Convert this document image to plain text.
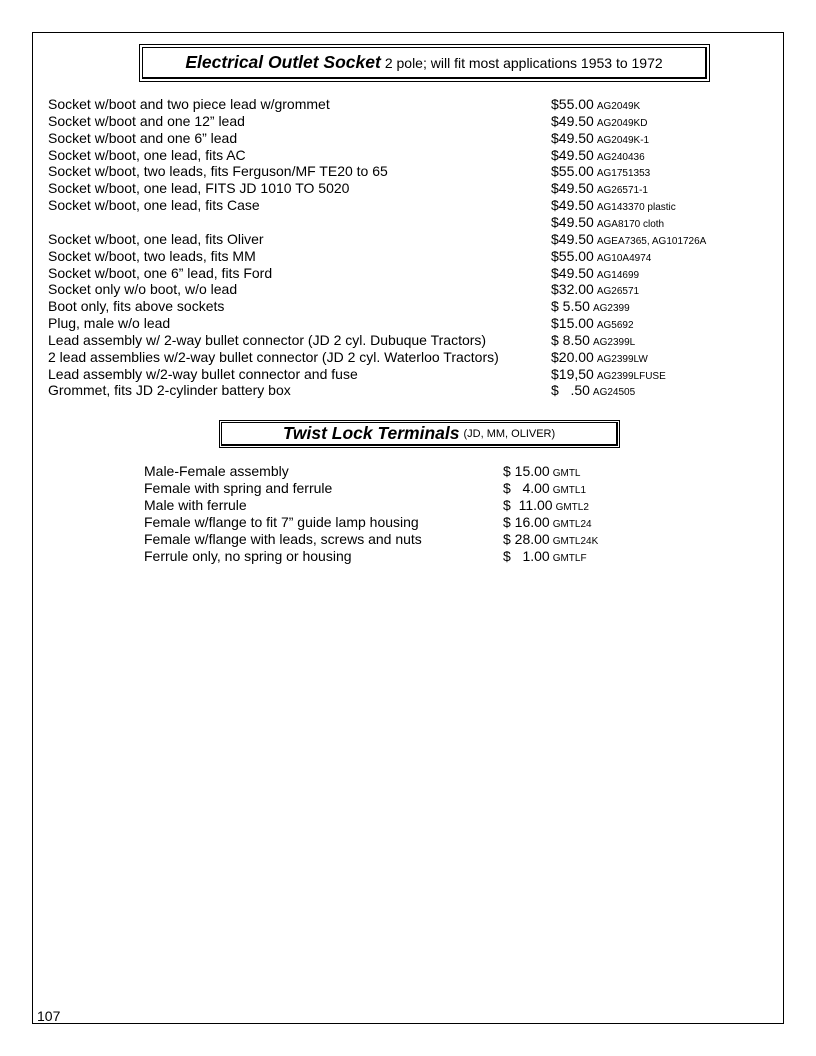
Electrical Outlet Socket 2 pole; will fit most applications 1953 to 1972
Socket w/boot and two piece lead w/grommet	$55.00 AG2049K
Socket w/boot and one 12” lead	$49.50 AG2049KD
Socket w/boot and one 6” lead	$49.50 AG2049K-1
Socket w/boot, one lead, fits AC	$49.50 AG240436
Socket w/boot, two leads, fits Ferguson/MF TE20 to 65	$55.00 AG1751353
Socket w/boot, one lead, FITS JD 1010 TO 5020	$49.50 AG26571-1
Socket w/boot, one lead, fits Case	$49.50 AG143370 plastic
$49.50 AGA8170 cloth
Socket w/boot, one lead, fits Oliver	$49.50 AGEA7365, AG101726A
Socket w/boot, two leads, fits MM	$55.00 AG10A4974
Socket w/boot, one 6” lead, fits Ford	$49.50 AG14699
Socket only w/o boot, w/o lead	$32.00 AG26571
Boot only, fits above sockets	$ 5.50 AG2399
Plug, male w/o lead	$15.00 AG5692
Lead assembly w/ 2-way bullet connector (JD 2 cyl. Dubuque Tractors)	$ 8.50 AG2399L
2 lead assemblies w/2-way bullet connector (JD 2 cyl. Waterloo Tractors)	$20.00 AG2399LW
Lead assembly w/2-way bullet connector and fuse	$19,50 AG2399LFUSE
Grommet, fits JD 2-cylinder battery box	$   .50 AG24505
Twist Lock Terminals (JD, MM, OLIVER)
Male-Female assembly	$ 15.00 GMTL
Female with spring and ferrule	$   4.00 GMTL1
Male with ferrule	$  11.00 GMTL2
Female w/flange to fit 7” guide lamp housing	$ 16.00 GMTL24
Female w/flange with leads, screws and nuts	$ 28.00 GMTL24K
Ferrule only, no spring or housing	$   1.00 GMTLF
107
